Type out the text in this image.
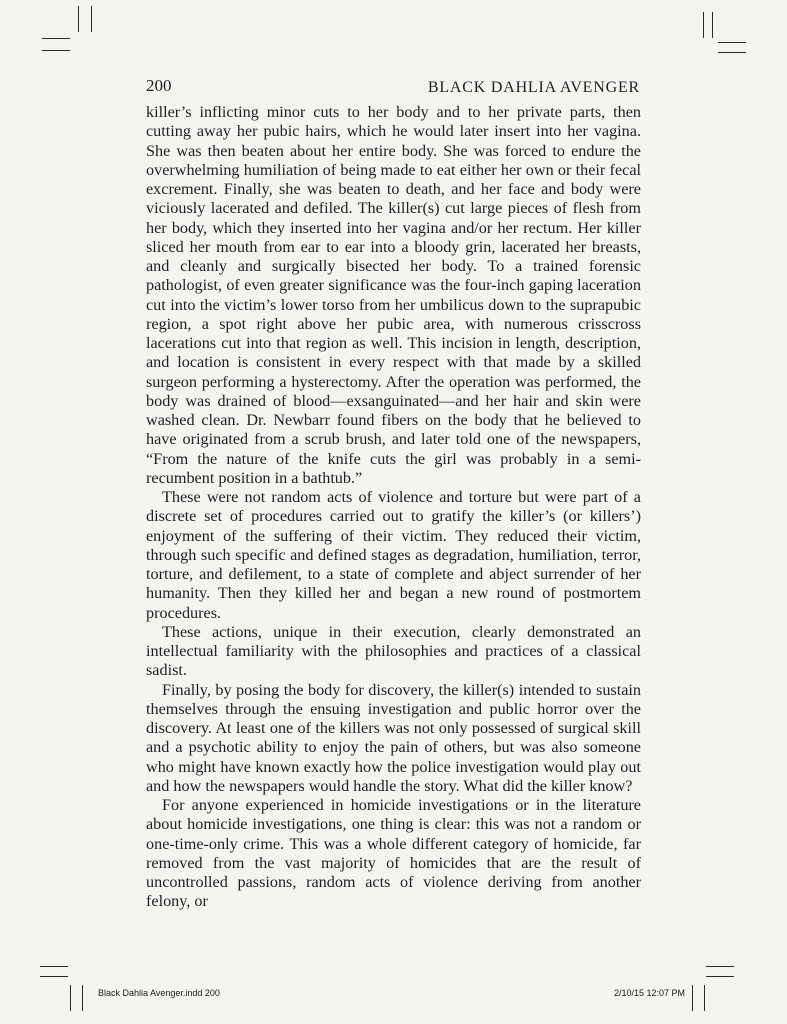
200	BLACK DAHLIA AVENGER

killer’s inflicting minor cuts to her body and to her private parts, then cutting away her pubic hairs, which he would later insert into her vagina. She was then beaten about her entire body. She was forced to endure the overwhelming humiliation of being made to eat either her own or their fecal excrement. Finally, she was beaten to death, and her face and body were viciously lacerated and defiled. The killer(s) cut large pieces of flesh from her body, which they inserted into her vagina and/or her rectum. Her killer sliced her mouth from ear to ear into a bloody grin, lacerated her breasts, and cleanly and surgically bisected her body. To a trained forensic pathologist, of even greater significance was the four-inch gaping laceration cut into the victim’s lower torso from her umbilicus down to the suprapubic region, a spot right above her pubic area, with numerous crisscross lacerations cut into that region as well. This incision in length, description, and location is consistent in every respect with that made by a skilled surgeon performing a hysterectomy. After the operation was performed, the body was drained of blood—exsanguinated—and her hair and skin were washed clean. Dr. Newbarr found fibers on the body that he believed to have originated from a scrub brush, and later told one of the newspapers, “From the nature of the knife cuts the girl was probably in a semi-recumbent position in a bathtub.”

These were not random acts of violence and torture but were part of a discrete set of procedures carried out to gratify the killer’s (or killers’) enjoyment of the suffering of their victim. They reduced their victim, through such specific and defined stages as degradation, humiliation, terror, torture, and defilement, to a state of complete and abject surrender of her humanity. Then they killed her and began a new round of postmortem procedures.

These actions, unique in their execution, clearly demonstrated an intellectual familiarity with the philosophies and practices of a classical sadist.

Finally, by posing the body for discovery, the killer(s) intended to sustain themselves through the ensuing investigation and public horror over the discovery. At least one of the killers was not only possessed of surgical skill and a psychotic ability to enjoy the pain of others, but was also someone who might have known exactly how the police investigation would play out and how the newspapers would handle the story. What did the killer know?

For anyone experienced in homicide investigations or in the literature about homicide investigations, one thing is clear: this was not a random or one-time-only crime. This was a whole different category of homicide, far removed from the vast majority of homicides that are the result of uncontrolled passions, random acts of violence deriving from another felony, or

Black Dahlia Avenger.indd 200	2/10/15 12:07 PM
